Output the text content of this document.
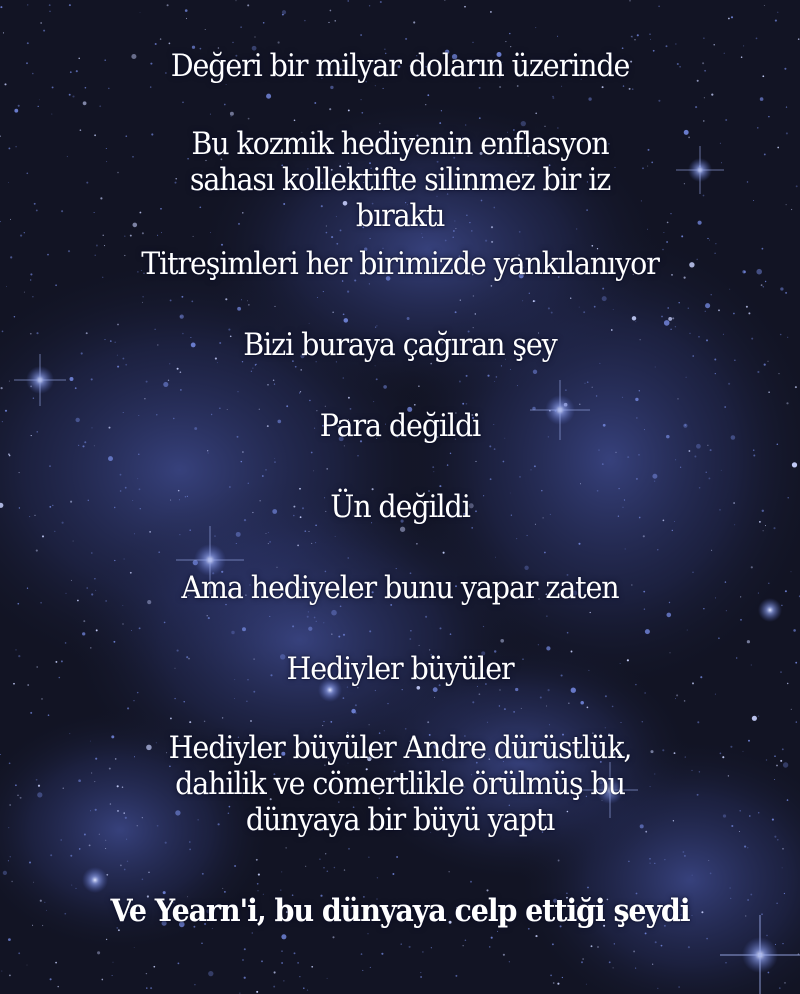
Değeri bir milyar doların üzerinde
Bu kozmik hediyenin enflasyon sahası kollektifte silinmez bir iz bıraktı
Titreşimleri her birimizde yankılanıyor
Bizi buraya çağıran şey
Para değildi
Ün değildi
Ama hediyeler bunu yapar zaten
Hediyler büyüler
Hediyler büyüler Andre dürüstlük, dahilik ve cömertlikle örülmüş bu dünyaya bir büyü yaptı
Ve Yearn'i, bu dünyaya celp ettiği şeydi
